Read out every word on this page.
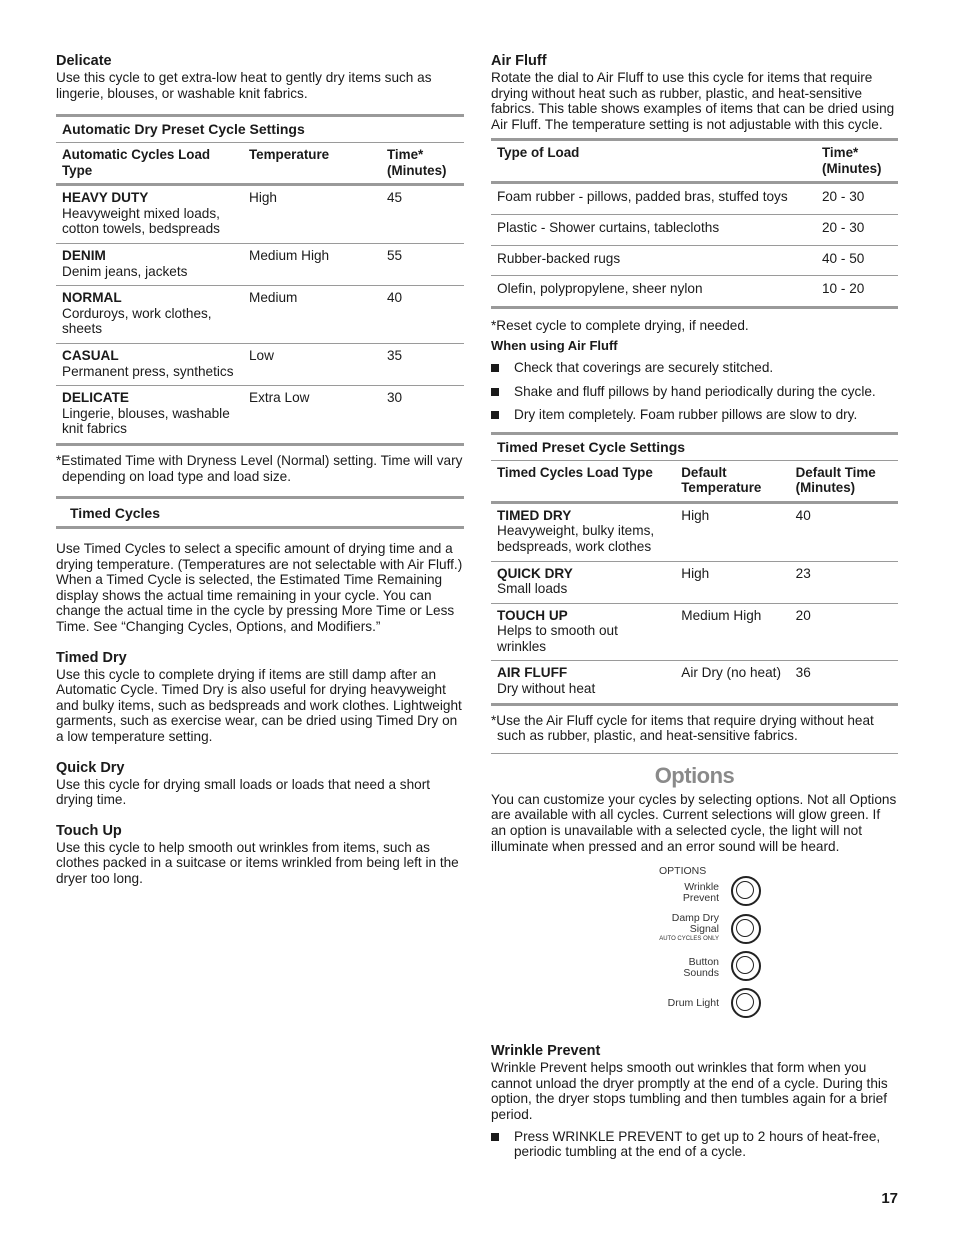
Delicate

Use this cycle to get extra-low heat to gently dry items such as lingerie, blouses, or washable knit fabrics.

Automatic Dry Preset Cycle Settings
Automatic Cycles Load Type	Temperature	Time* (Minutes)

HEAVY DUTY
Heavyweight mixed loads, cotton towels, bedspreads	High	45

DENIM
Denim jeans, jackets	Medium High	55

NORMAL
Corduroys, work clothes, sheets	Medium	40

CASUAL
Permanent press, synthetics	Low	35

DELICATE
Lingerie, blouses, washable knit fabrics	Extra Low	30

*Estimated Time with Dryness Level (Normal) setting. Time will vary depending on load type and load size.

Timed Cycles

Use Timed Cycles to select a specific amount of drying time and a drying temperature. (Temperatures are not selectable with Air Fluff.) When a Timed Cycle is selected, the Estimated Time Remaining display shows the actual time remaining in your cycle. You can change the actual time in the cycle by pressing More Time or Less Time. See “Changing Cycles, Options, and Modifiers.”

Timed Dry

Use this cycle to complete drying if items are still damp after an Automatic Cycle. Timed Dry is also useful for drying heavyweight and bulky items, such as bedspreads and work clothes. Lightweight garments, such as exercise wear, can be dried using Timed Dry on a low temperature setting.

Quick Dry

Use this cycle for drying small loads or loads that need a short drying time.

Touch Up

Use this cycle to help smooth out wrinkles from items, such as clothes packed in a suitcase or items wrinkled from being left in the dryer too long.

Air Fluff

Rotate the dial to Air Fluff to use this cycle for items that require drying without heat such as rubber, plastic, and heat-sensitive fabrics. This table shows examples of items that can be dried using Air Fluff. The temperature setting is not adjustable with this cycle.

Type of Load	Time* (Minutes)
Foam rubber - pillows, padded bras, stuffed toys	20 - 30
Plastic - Shower curtains, tablecloths	20 - 30
Rubber-backed rugs	40 - 50
Olefin, polypropylene, sheer nylon	10 - 20

*Reset cycle to complete drying, if needed.

When using Air Fluff

Check that coverings are securely stitched.

Shake and fluff pillows by hand periodically during the cycle.

Dry item completely. Foam rubber pillows are slow to dry.

Timed Preset Cycle Settings
Timed Cycles Load Type	Default Temperature	Default Time (Minutes)

TIMED DRY
Heavyweight, bulky items, bedspreads, work clothes	High	40

QUICK DRY
Small loads	High	23

TOUCH UP
Helps to smooth out wrinkles	Medium High	20

AIR FLUFF
Dry without heat	Air Dry (no heat)	36

*Use the Air Fluff cycle for items that require drying without heat such as rubber, plastic, and heat-sensitive fabrics.

Options

You can customize your cycles by selecting options. Not all Options are available with all cycles. Current selections will glow green. If an option is unavailable with a selected cycle, the light will not illuminate when pressed and an error sound will be heard.

OPTIONS
Wrinkle Prevent
Damp Dry Signal
AUTO CYCLES ONLY
Button Sounds
Drum Light
Wrinkle Prevent

Wrinkle Prevent helps smooth out wrinkles that form when you cannot unload the dryer promptly at the end of a cycle. During this option, the dryer stops tumbling and then tumbles again for a brief period.

Press WRINKLE PREVENT to get up to 2 hours of heat-free, periodic tumbling at the end of a cycle.

17
